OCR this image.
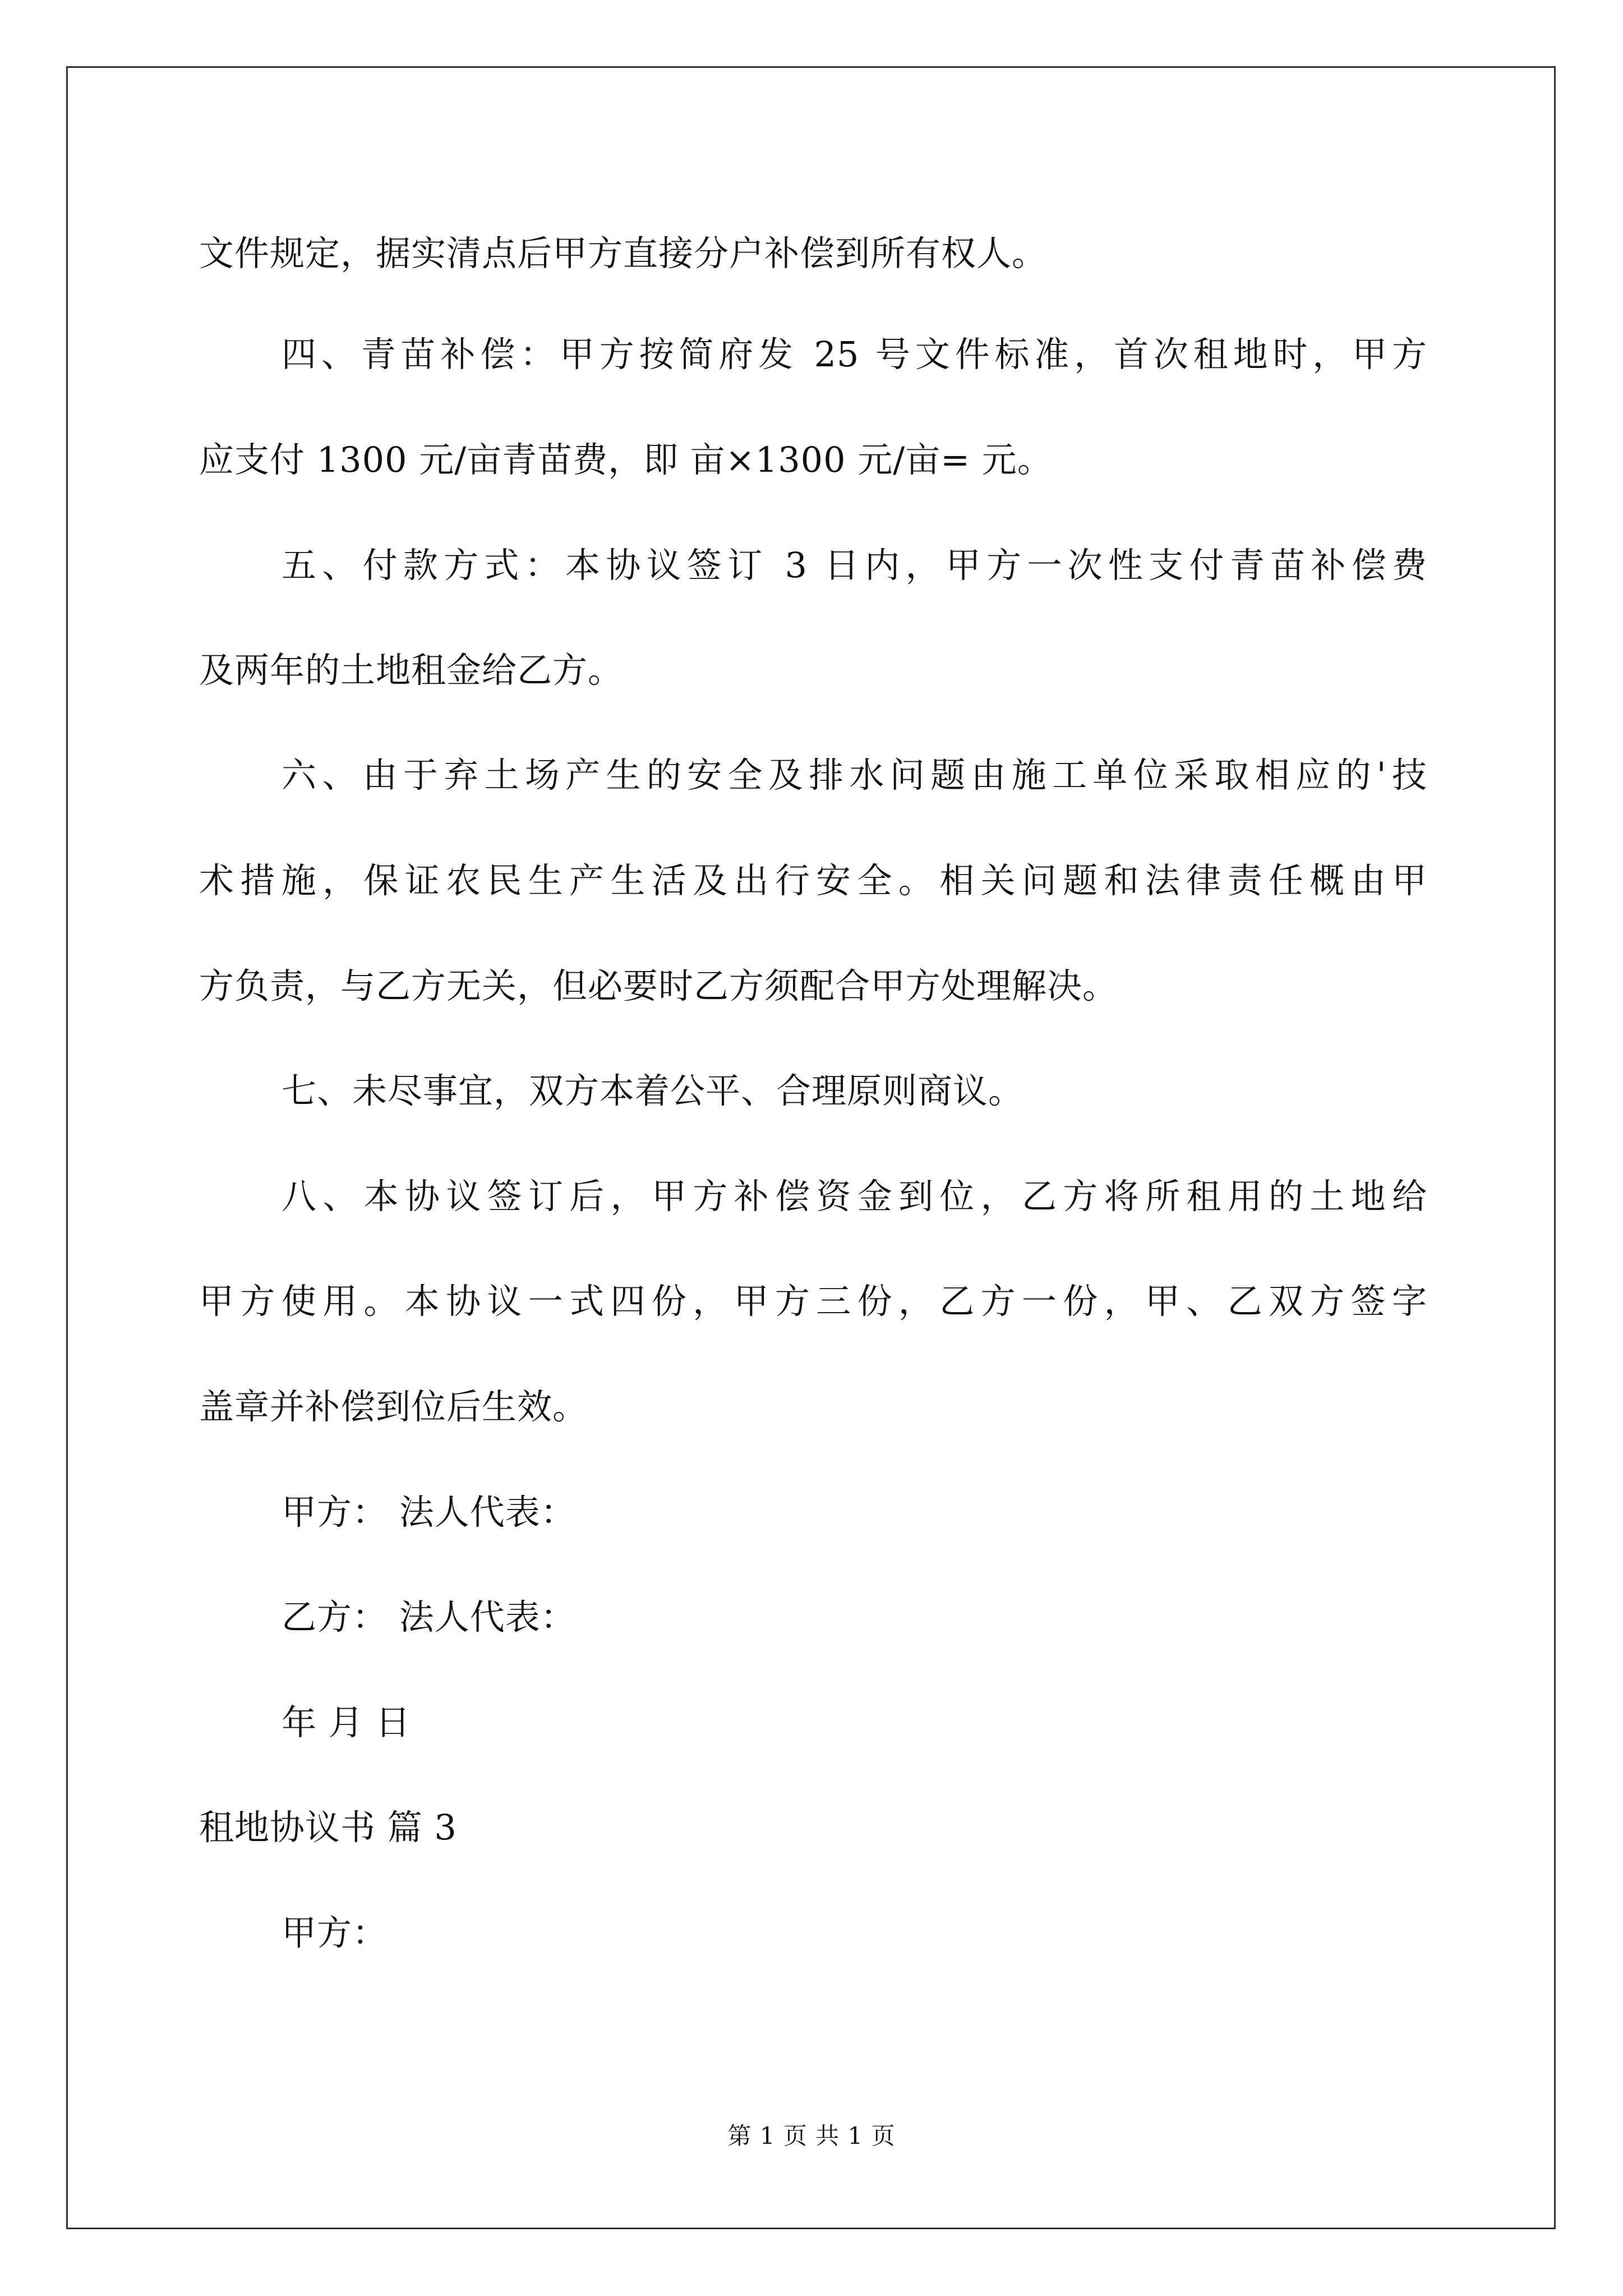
文件规定，据实清点后甲方直接分户补偿到所有权人。
四、青苗补偿：甲方按简府发 25 号文件标准，首次租地时，甲方
应支付 1300 元/亩青苗费，即 亩×1300 元/亩= 元。
五、付款方式：本协议签订 3 日内，甲方一次性支付青苗补偿费
及两年的土地租金给乙方。
六、由于弃土场产生的安全及排水问题由施工单位采取相应的'技
术措施，保证农民生产生活及出行安全。相关问题和法律责任概由甲
方负责，与乙方无关，但必要时乙方须配合甲方处理解决。
七、未尽事宜，双方本着公平、合理原则商议。
八、本协议签订后，甲方补偿资金到位，乙方将所租用的土地给
甲方使用。本协议一式四份，甲方三份，乙方一份，甲、乙双方签字
盖章并补偿到位后生效。
甲方： 法人代表：
乙方： 法人代表：
年 月 日
租地协议书 篇 3
甲方：
第 1 页 共 1 页
